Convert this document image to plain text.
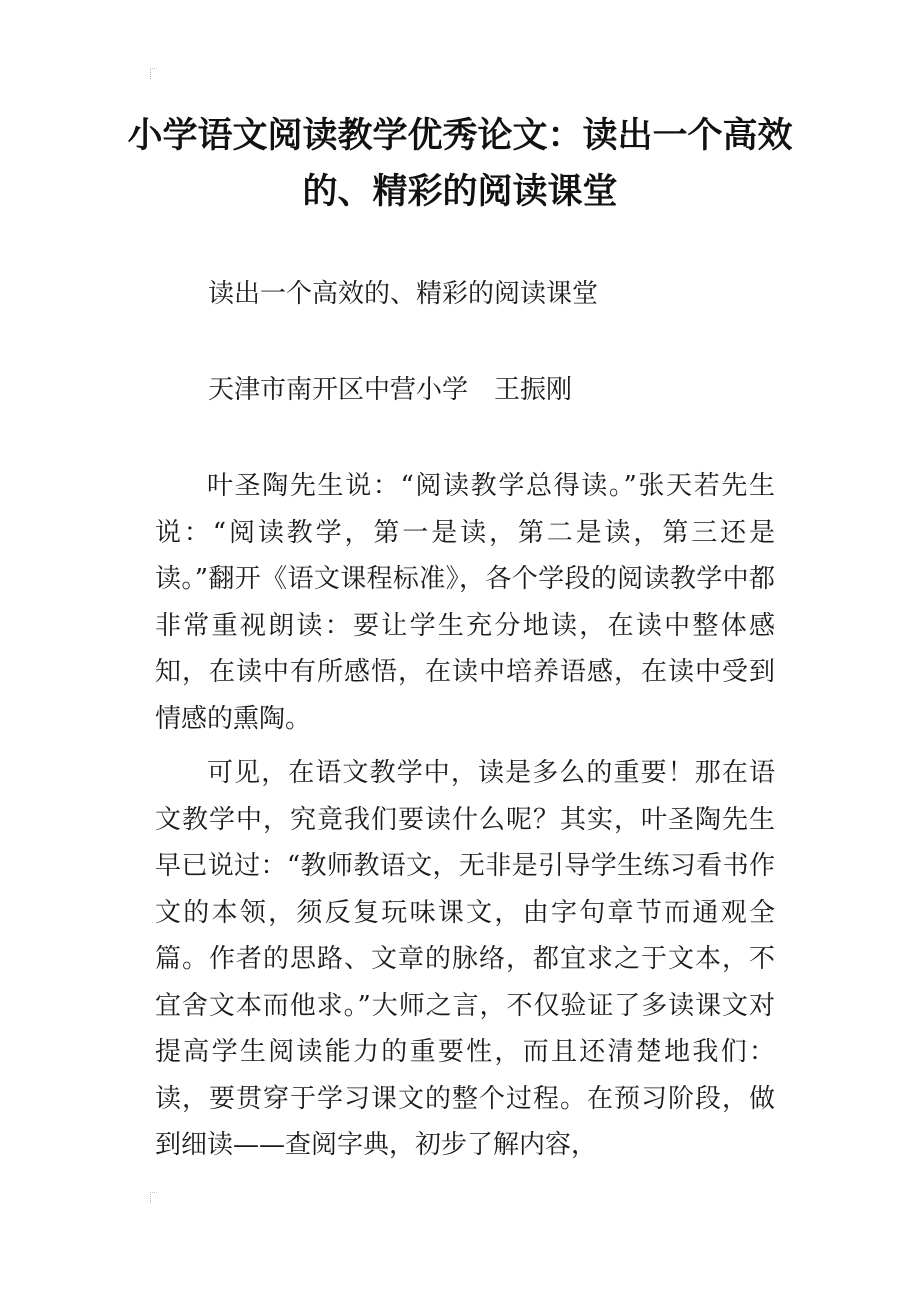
小学语文阅读教学优秀论文：读出一个高效的、精彩的阅读课堂

读出一个高效的、精彩的阅读课堂

天津市南开区中营小学 王振刚

叶圣陶先生说：“阅读教学总得读。”张天若先生说：“阅读教学，第一是读，第二是读，第三还是读。”翻开《语文课程标准》，各个学段的阅读教学中都非常重视朗读：要让学生充分地读，在读中整体感知，在读中有所感悟，在读中培养语感，在读中受到情感的熏陶。

可见，在语文教学中，读是多么的重要！那在语文教学中，究竟我们要读什么呢？其实，叶圣陶先生早已说过：“教师教语文，无非是引导学生练习看书作文的本领，须反复玩味课文，由字句章节而通观全篇。作者的思路、文章的脉络，都宜求之于文本，不宜舍文本而他求。”大师之言，不仅验证了多读课文对提高学生阅读能力的重要性，而且还清楚地我们：读，要贯穿于学习课文的整个过程。在预习阶段，做到细读——查阅字典，初步了解内容，
